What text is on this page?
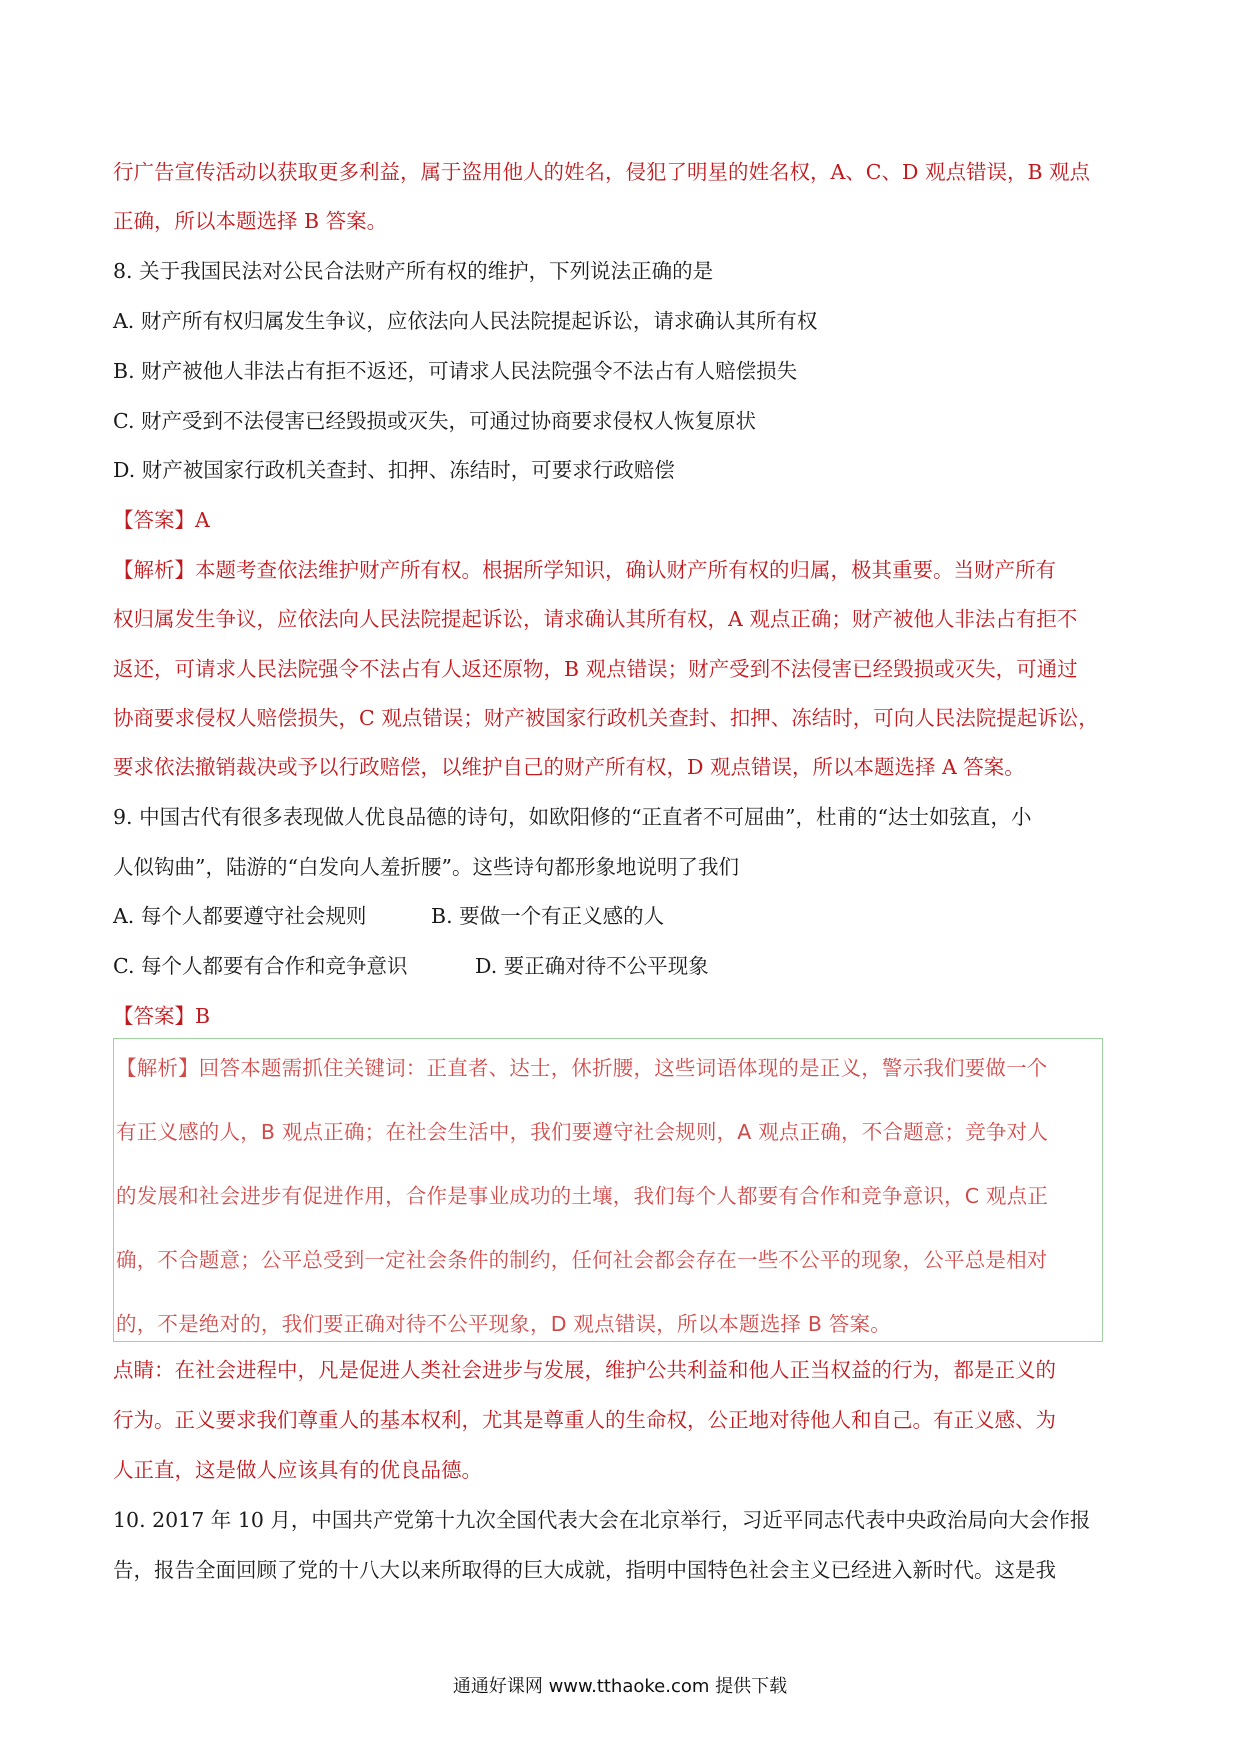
行广告宣传活动以获取更多利益，属于盗用他人的姓名，侵犯了明星的姓名权，A、C、D 观点错误，B 观点
正确，所以本题选择 B 答案。
8. 关于我国民法对公民合法财产所有权的维护，下列说法正确的是
A. 财产所有权归属发生争议，应依法向人民法院提起诉讼，请求确认其所有权
B. 财产被他人非法占有拒不返还，可请求人民法院强令不法占有人赔偿损失
C. 财产受到不法侵害已经毁损或灭失，可通过协商要求侵权人恢复原状
D. 财产被国家行政机关查封、扣押、冻结时，可要求行政赔偿
【答案】A
【解析】本题考查依法维护财产所有权。根据所学知识，确认财产所有权的归属，极其重要。当财产所有
权归属发生争议，应依法向人民法院提起诉讼，请求确认其所有权，A 观点正确；财产被他人非法占有拒不
返还，可请求人民法院强令不法占有人返还原物，B 观点错误；财产受到不法侵害已经毁损或灭失，可通过
协商要求侵权人赔偿损失，C 观点错误；财产被国家行政机关查封、扣押、冻结时，可向人民法院提起诉讼，
要求依法撤销裁决或予以行政赔偿，以维护自己的财产所有权，D 观点错误，所以本题选择 A 答案。
9. 中国古代有很多表现做人优良品德的诗句，如欧阳修的“正直者不可屈曲”，杜甫的“达士如弦直，小
人似钩曲”，陆游的“白发向人羞折腰”。这些诗句都形象地说明了我们
A. 每个人都要遵守社会规则	B. 要做一个有正义感的人
C. 每个人都要有合作和竞争意识	D. 要正确对待不公平现象
【答案】B
【解析】回答本题需抓住关键词：正直者、达士，休折腰，这些词语体现的是正义，警示我们要做一个
有正义感的人，B 观点正确；在社会生活中，我们要遵守社会规则，A 观点正确，不合题意；竞争对人
的发展和社会进步有促进作用，合作是事业成功的土壤，我们每个人都要有合作和竞争意识，C 观点正
确，不合题意；公平总受到一定社会条件的制约，任何社会都会存在一些不公平的现象，公平总是相对
的，不是绝对的，我们要正确对待不公平现象，D 观点错误，所以本题选择 B 答案。
点睛：在社会进程中，凡是促进人类社会进步与发展，维护公共利益和他人正当权益的行为，都是正义的
行为。正义要求我们尊重人的基本权利，尤其是尊重人的生命权，公正地对待他人和自己。有正义感、为
人正直，这是做人应该具有的优良品德。
10. 2017 年 10 月，中国共产党第十九次全国代表大会在北京举行，习近平同志代表中央政治局向大会作报
告，报告全面回顾了党的十八大以来所取得的巨大成就，指明中国特色社会主义已经进入新时代。这是我
通通好课网 www.tthaoke.com 提供下载
